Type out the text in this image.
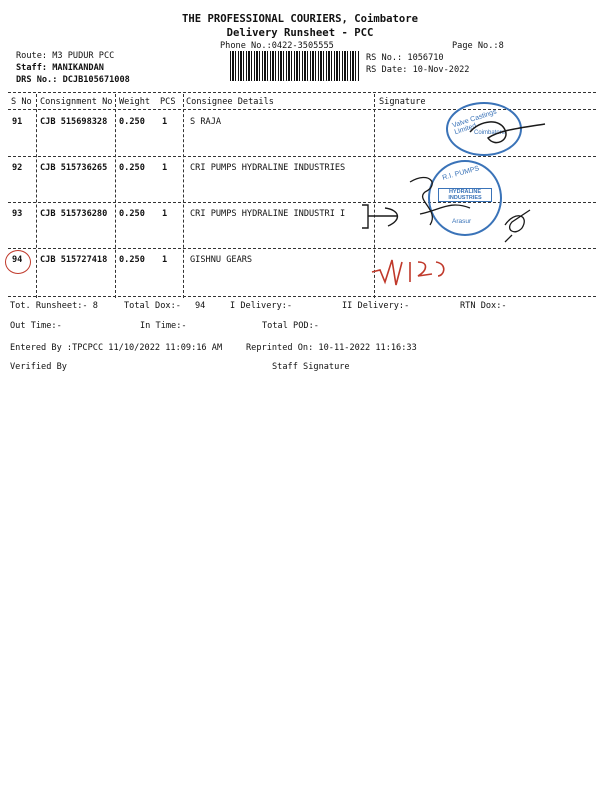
THE PROFESSIONAL COURIERS, Coimbatore
Delivery Runsheet - PCC
Phone No.:0422-3505555	Page No.:8
Route: M3 PUDUR PCC
Staff: MANIKANDAN
DRS No.: DCJB105671008
RS No.: 1056710
RS Date: 10-Nov-2022
S No Consignment No Weight PCS Consignee Details	Signature
91 CJB 515698328 0.250 1	S RAJA
92 CJB 515736265 0.250 1	CRI PUMPS HYDRALINE INDUSTRIES
93 CJB 515736280 0.250 1	CRI PUMPS HYDRALINE INDUSTRI I
94 CJB 515727418 0.250 1	GISHNU GEARS
Valve Castings Limited
Coimbatore
R.I. PUMPS
HYDRALINE INDUSTRIES
Arasur
Tot. Runsheet:- 8	Total Dox:- 94	I Delivery:-	II Delivery:-	RTN Dox:-
Out Time:-	In Time:-	Total POD:-
Entered By :TPCPCC 11/10/2022 11:09:16 AM	Reprinted On: 10-11-2022 11:16:33
Verified By	Staff Signature
